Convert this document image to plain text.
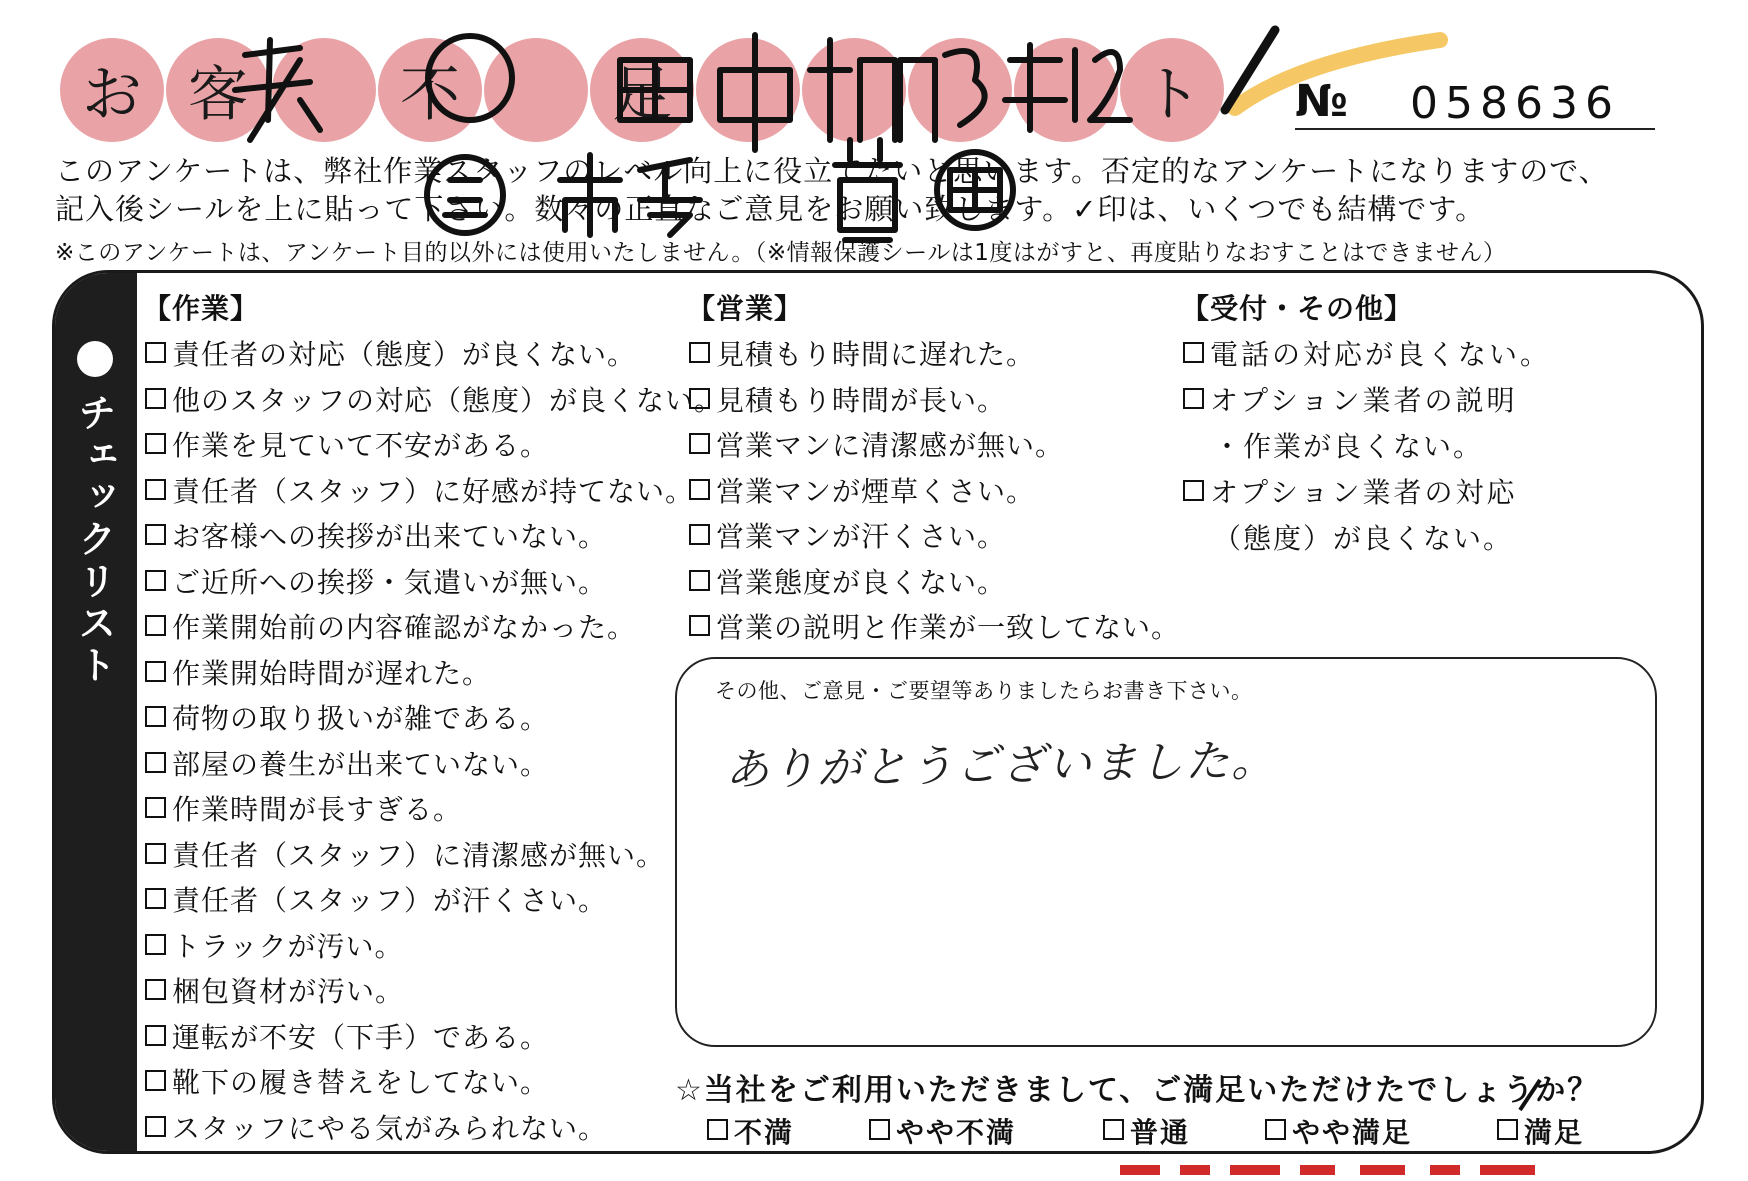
お 客	不	足	ト	№ 058636
このアンケートは、弊社作業スタッフのレベル向上に役立てたいと思います。否定的なアンケートになりますので、
記入後シールを上に貼って下さい。数々の正直なご意見をお願い致します。✓印は、いくつでも結構です。
※このアンケートは、アンケート目的以外には使用いたしません。（※情報保護シールは1度はがすと、再度貼りなおすことはできません）
チェックリスト
【作業】
責任者の対応（態度）が良くない。
他のスタッフの対応（態度）が良くない。
作業を見ていて不安がある。
責任者（スタッフ）に好感が持てない。
お客様への挨拶が出来ていない。
ご近所への挨拶・気遣いが無い。
作業開始前の内容確認がなかった。
作業開始時間が遅れた。
荷物の取り扱いが雑である。
部屋の養生が出来ていない。
作業時間が長すぎる。
責任者（スタッフ）に清潔感が無い。
責任者（スタッフ）が汗くさい。
トラックが汚い。
梱包資材が汚い。
運転が不安（下手）である。
靴下の履き替えをしてない。
スタッフにやる気がみられない。
【営業】
見積もり時間に遅れた。
見積もり時間が長い。
営業マンに清潔感が無い。
営業マンが煙草くさい。
営業マンが汗くさい。
営業態度が良くない。
営業の説明と作業が一致してない。
【受付・その他】
電話の対応が良くない。
オプション業者の説明
・作業が良くない。
オプション業者の対応
（態度）が良くない。
その他、ご意見・ご要望等ありましたらお書き下さい。
ありがとうございました。
☆当社をご利用いただきまして、ご満足いただけたでしょうか？
不満	やや不満	普通	やや満足	満足
